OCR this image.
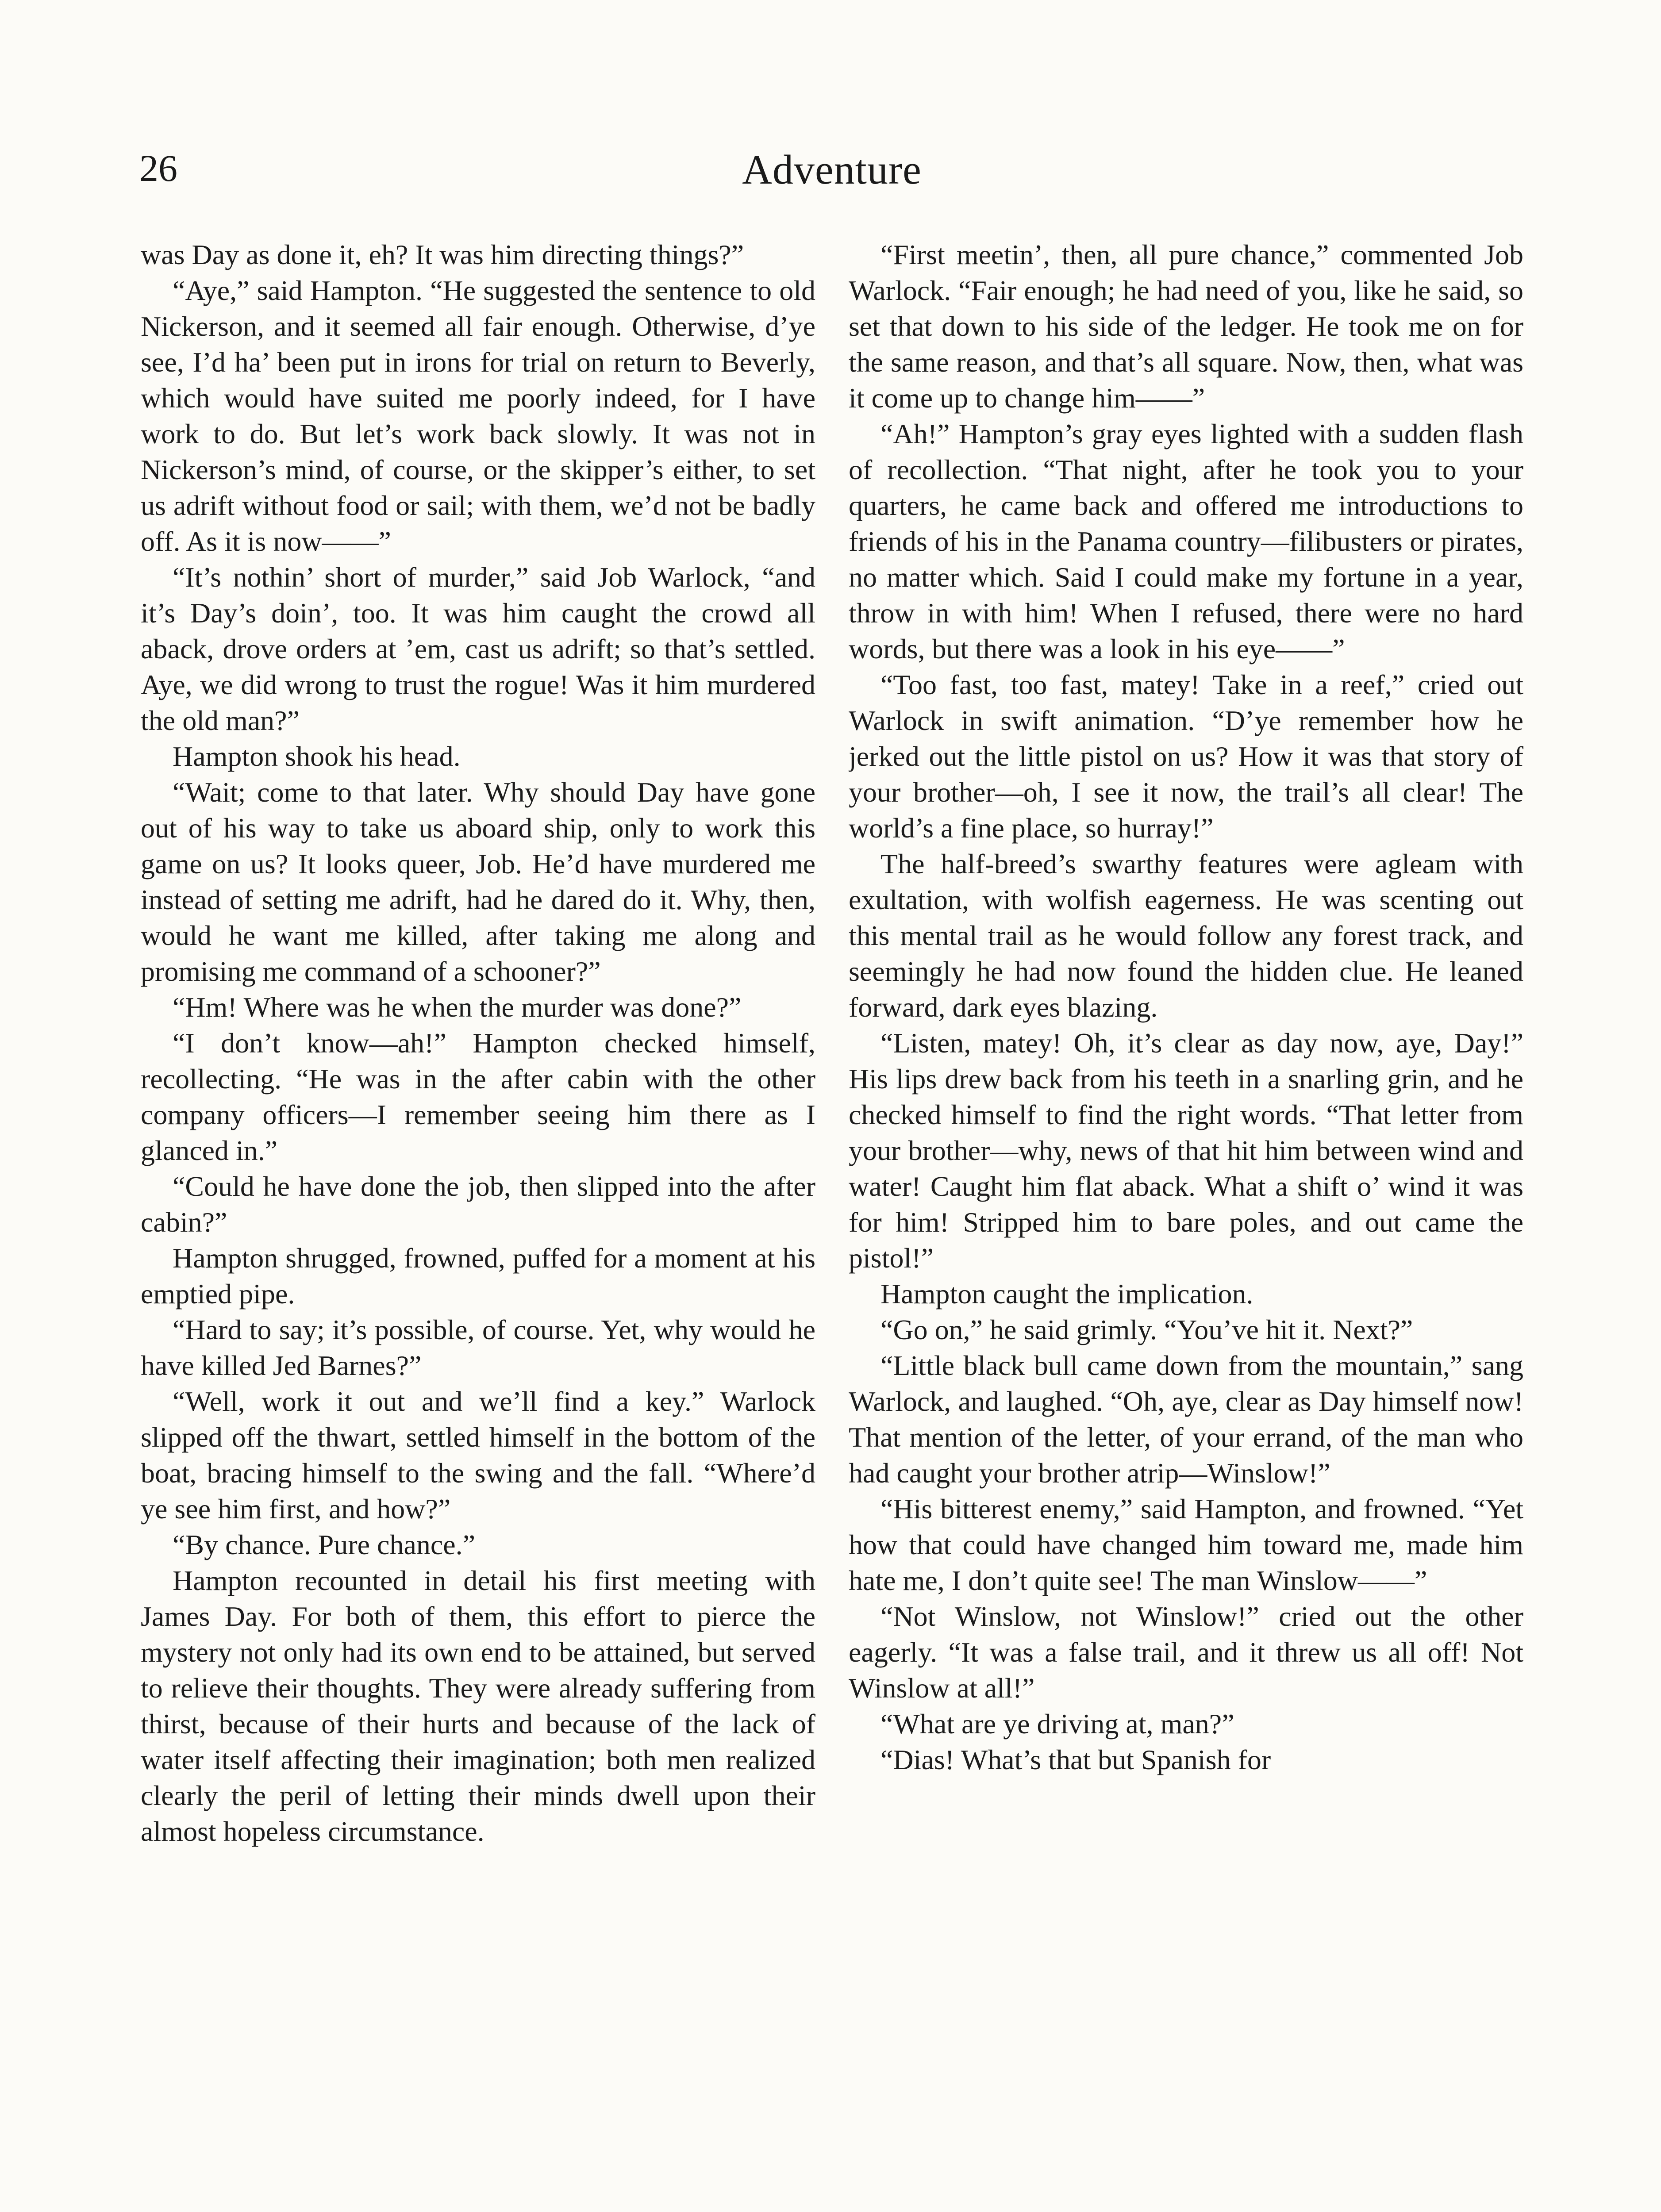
26	Adventure

was Day as done it, eh? It was him directing things?”

“Aye,” said Hampton. “He suggested the sentence to old Nickerson, and it seemed all fair enough. Otherwise, d’ye see, I’d ha’ been put in irons for trial on return to Beverly, which would have suited me poorly indeed, for I have work to do. But let’s work back slowly. It was not in Nickerson’s mind, of course, or the skipper’s either, to set us adrift without food or sail; with them, we’d not be badly off. As it is now——”

“It’s nothin’ short of murder,” said Job Warlock, “and it’s Day’s doin’, too. It was him caught the crowd all aback, drove orders at ’em, cast us adrift; so that’s settled. Aye, we did wrong to trust the rogue! Was it him murdered the old man?”

Hampton shook his head.

“Wait; come to that later. Why should Day have gone out of his way to take us aboard ship, only to work this game on us? It looks queer, Job. He’d have murdered me instead of setting me adrift, had he dared do it. Why, then, would he want me killed, after taking me along and promising me command of a schooner?”

“Hm! Where was he when the murder was done?”

“I don’t know—ah!” Hampton checked himself, recollecting. “He was in the after cabin with the other company officers—I remember seeing him there as I glanced in.”

“Could he have done the job, then slipped into the after cabin?”

Hampton shrugged, frowned, puffed for a moment at his emptied pipe.

“Hard to say; it’s possible, of course. Yet, why would he have killed Jed Barnes?”

“Well, work it out and we’ll find a key.” Warlock slipped off the thwart, settled himself in the bottom of the boat, bracing himself to the swing and the fall. “Where’d ye see him first, and how?”

“By chance. Pure chance.”

Hampton recounted in detail his first meeting with James Day. For both of them, this effort to pierce the mystery not only had its own end to be attained, but served to relieve their thoughts. They were already suffering from thirst, because of their hurts and because of the lack of water itself affecting their imagination; both men realized clearly the peril of letting their minds dwell upon their almost hopeless circumstance.

“First meetin’, then, all pure chance,” commented Job Warlock. “Fair enough; he had need of you, like he said, so set that down to his side of the ledger. He took me on for the same reason, and that’s all square. Now, then, what was it come up to change him——”

“Ah!” Hampton’s gray eyes lighted with a sudden flash of recollection. “That night, after he took you to your quarters, he came back and offered me introductions to friends of his in the Panama country—filibusters or pirates, no matter which. Said I could make my fortune in a year, throw in with him! When I refused, there were no hard words, but there was a look in his eye——”

“Too fast, too fast, matey! Take in a reef,” cried out Warlock in swift animation. “D’ye remember how he jerked out the little pistol on us? How it was that story of your brother—oh, I see it now, the trail’s all clear! The world’s a fine place, so hurray!”

The half-breed’s swarthy features were agleam with exultation, with wolfish eagerness. He was scenting out this mental trail as he would follow any forest track, and seemingly he had now found the hidden clue. He leaned forward, dark eyes blazing.

“Listen, matey! Oh, it’s clear as day now, aye, Day!” His lips drew back from his teeth in a snarling grin, and he checked himself to find the right words. “That letter from your brother—why, news of that hit him between wind and water! Caught him flat aback. What a shift o’ wind it was for him! Stripped him to bare poles, and out came the pistol!”

Hampton caught the implication.

“Go on,” he said grimly. “You’ve hit it. Next?”

“Little black bull came down from the mountain,” sang Warlock, and laughed. “Oh, aye, clear as Day himself now! That mention of the letter, of your errand, of the man who had caught your brother atrip—Winslow!”

“His bitterest enemy,” said Hampton, and frowned. “Yet how that could have changed him toward me, made him hate me, I don’t quite see! The man Winslow——”

“Not Winslow, not Winslow!” cried out the other eagerly. “It was a false trail, and it threw us all off! Not Winslow at all!”

“What are ye driving at, man?”

“Dias! What’s that but Spanish for
